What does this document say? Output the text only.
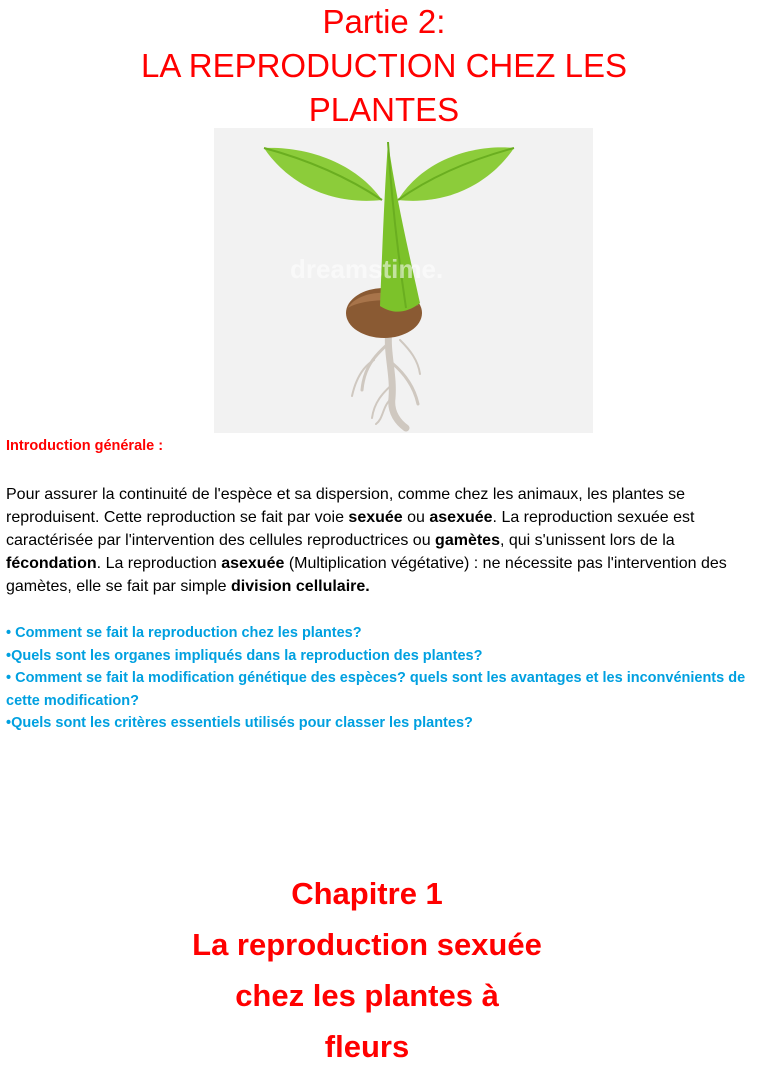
Partie 2:
LA REPRODUCTION CHEZ LES
PLANTES
dreamstime.

Introduction générale :

Pour assurer la continuité de l'espèce et sa dispersion, comme chez les animaux, les plantes se reproduisent. Cette reproduction se fait par voie sexuée ou asexuée. La reproduction sexuée est caractérisée par l'intervention des cellules reproductrices ou gamètes, qui s'unissent lors de la fécondation. La reproduction asexuée (Multiplication végétative) : ne nécessite pas l'intervention des gamètes, elle se fait par simple division cellulaire.

• Comment se fait la reproduction chez les plantes?
•Quels sont les organes impliqués dans la reproduction des plantes?
• Comment se fait la modification génétique des espèces? quels sont les avantages et les inconvénients de cette modification?
•Quels sont les critères essentiels utilisés pour classer les plantes?
Chapitre 1
La reproduction sexuée
chez les plantes à
fleurs
